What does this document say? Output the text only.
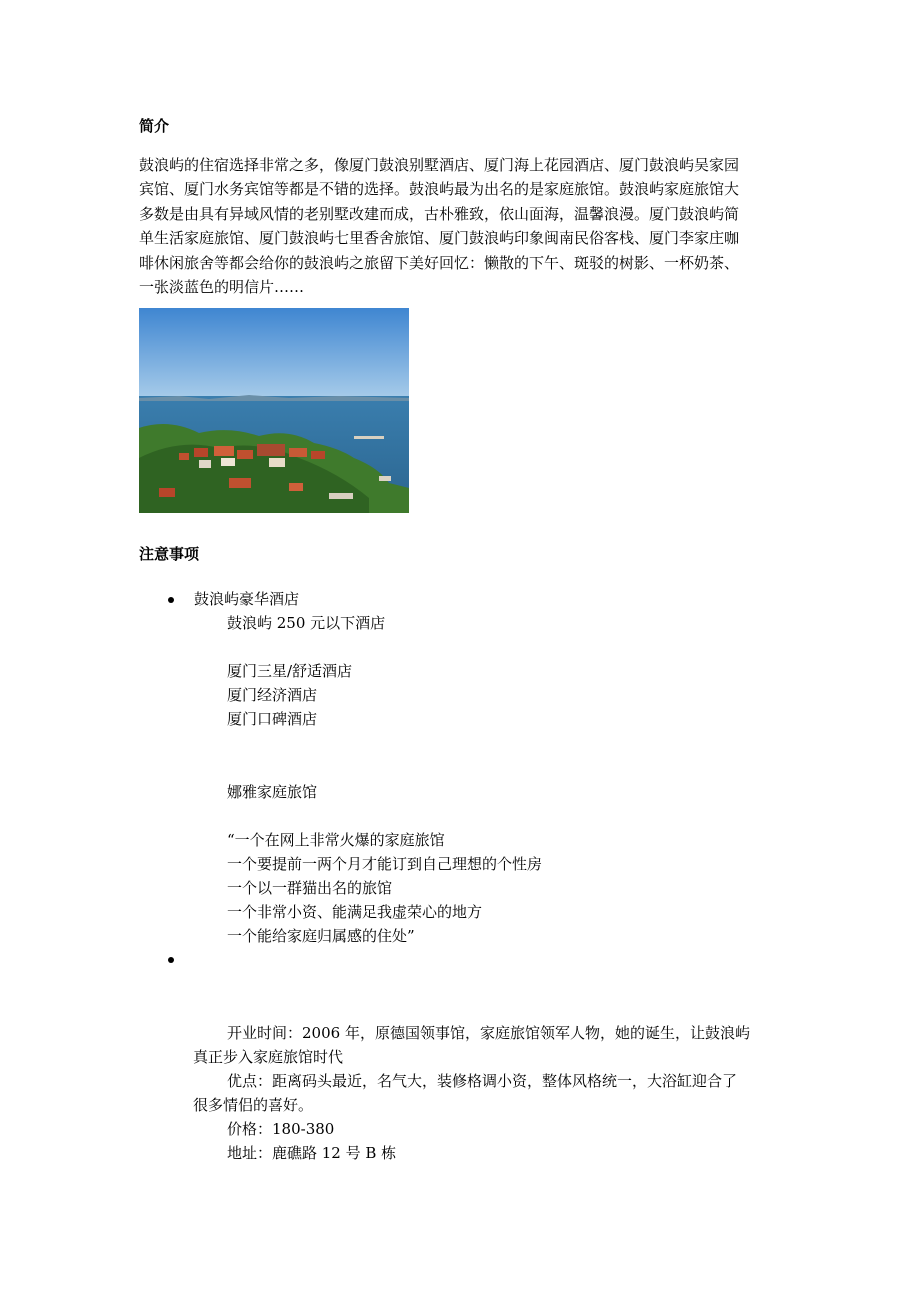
简介
鼓浪屿的住宿选择非常之多，像厦门鼓浪别墅酒店、厦门海上花园酒店、厦门鼓浪屿吴家园
宾馆、厦门水务宾馆等都是不错的选择。鼓浪屿最为出名的是家庭旅馆。鼓浪屿家庭旅馆大
多数是由具有异域风情的老别墅改建而成，古朴雅致，依山面海，温馨浪漫。厦门鼓浪屿简
单生活家庭旅馆、厦门鼓浪屿七里香舍旅馆、厦门鼓浪屿印象闽南民俗客栈、厦门李家庄咖
啡休闲旅舍等都会给你的鼓浪屿之旅留下美好回忆：懒散的下午、斑驳的树影、一杯奶茶、
一张淡蓝色的明信片……
注意事项
鼓浪屿豪华酒店
鼓浪屿 250 元以下酒店
厦门三星/舒适酒店
厦门经济酒店
厦门口碑酒店
娜雅家庭旅馆
“一个在网上非常火爆的家庭旅馆
一个要提前一两个月才能订到自己理想的个性房
一个以一群猫出名的旅馆
一个非常小资、能满足我虚荣心的地方
一个能给家庭归属感的住处”
开业时间：2006 年，原德国领事馆，家庭旅馆领军人物，她的诞生，让鼓浪屿
真正步入家庭旅馆时代
优点：距离码头最近，名气大，装修格调小资，整体风格统一，大浴缸迎合了
很多情侣的喜好。
价格：180-380
地址：鹿礁路 12 号 B 栋
